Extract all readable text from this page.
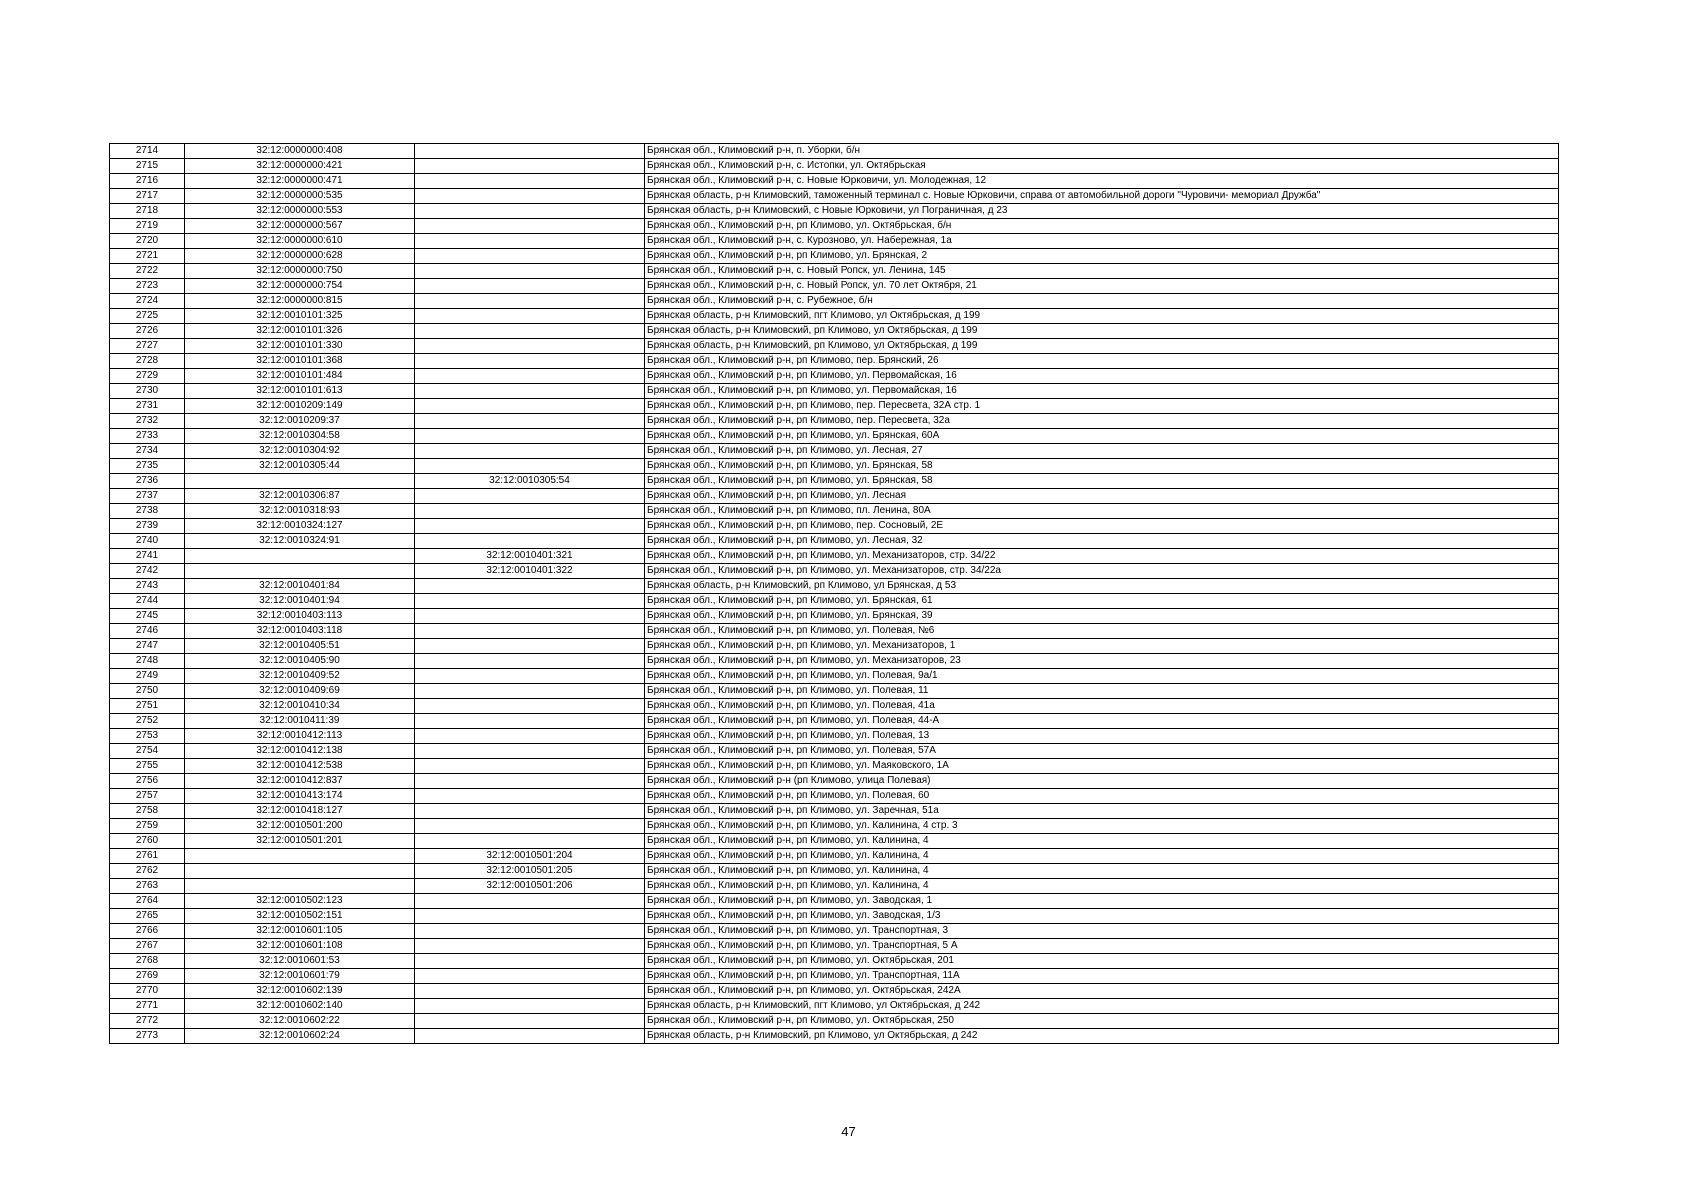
2714	32:12:0000000:408		Брянская обл., Климовский р-н, п. Уборки, б/н
2715	32:12:0000000:421		Брянская обл., Климовский р-н, с. Истопки, ул. Октябрьская
2716	32:12:0000000:471		Брянская обл., Климовский р-н, с. Новые Юрковичи, ул. Молодежная, 12
2717	32:12:0000000:535		Брянская область, р-н Климовский, таможенный терминал с. Новые Юрковичи, справа от автомобильной дороги "Чуровичи- мемориал Дружба"
2718	32:12:0000000:553		Брянская область, р-н Климовский, с Новые Юрковичи, ул Пограничная, д 23
2719	32:12:0000000:567		Брянская обл., Климовский р-н, рп Климово, ул. Октябрьская, б/н
2720	32:12:0000000:610		Брянская обл., Климовский р-н, с. Курозново, ул. Набережная, 1а
2721	32:12:0000000:628		Брянская обл., Климовский р-н, рп Климово, ул. Брянская, 2
2722	32:12:0000000:750		Брянская обл., Климовский р-н, с. Новый Ропск, ул. Ленина, 145
2723	32:12:0000000:754		Брянская обл., Климовский р-н, с. Новый Ропск, ул. 70 лет Октября, 21
2724	32:12:0000000:815		Брянская обл., Климовский р-н, с. Рубежное, б/н
2725	32:12:0010101:325		Брянская область, р-н Климовский, пгт Климово, ул Октябрьская, д 199
2726	32:12:0010101:326		Брянская область, р-н Климовский, рп Климово, ул Октябрьская, д 199
2727	32:12:0010101:330		Брянская область, р-н Климовский, рп Климово, ул Октябрьская, д 199
2728	32:12:0010101:368		Брянская обл., Климовский р-н, рп Климово, пер. Брянский, 26
2729	32:12:0010101:484		Брянская обл., Климовский р-н, рп Климово, ул. Первомайская, 16
2730	32:12:0010101:613		Брянская обл., Климовский р-н, рп Климово, ул. Первомайская, 16
2731	32:12:0010209:149		Брянская обл., Климовский р-н, рп Климово, пер. Пересвета, 32А стр. 1
2732	32:12:0010209:37		Брянская обл., Климовский р-н, рп Климово, пер. Пересвета, 32а
2733	32:12:0010304:58		Брянская обл., Климовский р-н, рп Климово, ул. Брянская, 60А
2734	32:12:0010304:92		Брянская обл., Климовский р-н, рп Климово, ул. Лесная, 27
2735	32:12:0010305:44		Брянская обл., Климовский р-н, рп Климово, ул. Брянская, 58
2736		32:12:0010305:54	Брянская обл., Климовский р-н, рп Климово, ул. Брянская, 58
2737	32:12:0010306:87		Брянская обл., Климовский р-н, рп Климово, ул. Лесная
2738	32:12:0010318:93		Брянская обл., Климовский р-н, рп Климово, пл. Ленина, 80А
2739	32:12:0010324:127		Брянская обл., Климовский р-н, рп Климово, пер. Сосновый, 2Е
2740	32:12:0010324:91		Брянская обл., Климовский р-н, рп Климово, ул. Лесная, 32
2741		32:12:0010401:321	Брянская обл., Климовский р-н, рп Климово, ул. Механизаторов, стр. 34/22
2742		32:12:0010401:322	Брянская обл., Климовский р-н, рп Климово, ул. Механизаторов, стр. 34/22а
2743	32:12:0010401:84		Брянская область, р-н Климовский, рп Климово, ул Брянская, д 53
2744	32:12:0010401:94		Брянская обл., Климовский р-н, рп Климово, ул. Брянская, 61
2745	32:12:0010403:113		Брянская обл., Климовский р-н, рп Климово, ул. Брянская, 39
2746	32:12:0010403:118		Брянская обл., Климовский р-н, рп Климово, ул. Полевая, №6
2747	32:12:0010405:51		Брянская обл., Климовский р-н, рп Климово, ул. Механизаторов, 1
2748	32:12:0010405:90		Брянская обл., Климовский р-н, рп Климово, ул. Механизаторов, 23
2749	32:12:0010409:52		Брянская обл., Климовский р-н, рп Климово, ул. Полевая, 9а/1
2750	32:12:0010409:69		Брянская обл., Климовский р-н, рп Климово, ул. Полевая, 11
2751	32:12:0010410:34		Брянская обл., Климовский р-н, рп Климово, ул. Полевая, 41а
2752	32:12:0010411:39		Брянская обл., Климовский р-н, рп Климово, ул. Полевая, 44-А
2753	32:12:0010412:113		Брянская обл., Климовский р-н, рп Климово, ул. Полевая, 13
2754	32:12:0010412:138		Брянская обл., Климовский р-н, рп Климово, ул. Полевая, 57А
2755	32:12:0010412:538		Брянская обл., Климовский р-н, рп Климово, ул. Маяковского, 1А
2756	32:12:0010412:837		Брянская обл., Климовский р-н (рп Климово, улица Полевая)
2757	32:12:0010413:174		Брянская обл., Климовский р-н, рп Климово, ул. Полевая, 60
2758	32:12:0010418:127		Брянская обл., Климовский р-н, рп Климово, ул. Заречная, 51а
2759	32:12:0010501:200		Брянская обл., Климовский р-н, рп Климово, ул. Калинина, 4 стр. 3
2760	32:12:0010501:201		Брянская обл., Климовский р-н, рп Климово, ул. Калинина, 4
2761		32:12:0010501:204	Брянская обл., Климовский р-н, рп Климово, ул. Калинина, 4
2762		32:12:0010501:205	Брянская обл., Климовский р-н, рп Климово, ул. Калинина, 4
2763		32:12:0010501:206	Брянская обл., Климовский р-н, рп Климово, ул. Калинина, 4
2764	32:12:0010502:123		Брянская обл., Климовский р-н, рп Климово, ул. Заводская, 1
2765	32:12:0010502:151		Брянская обл., Климовский р-н, рп Климово, ул. Заводская, 1/3
2766	32:12:0010601:105		Брянская обл., Климовский р-н, рп Климово, ул. Транспортная, 3
2767	32:12:0010601:108		Брянская обл., Климовский р-н, рп Климово, ул. Транспортная, 5 А
2768	32:12:0010601:53		Брянская обл., Климовский р-н, рп Климово, ул. Октябрьская, 201
2769	32:12:0010601:79		Брянская обл., Климовский р-н, рп Климово, ул. Транспортная, 11А
2770	32:12:0010602:139		Брянская обл., Климовский р-н, рп Климово, ул. Октябрьская, 242А
2771	32:12:0010602:140		Брянская область, р-н Климовский, пгт Климово, ул Октябрьская, д 242
2772	32:12:0010602:22		Брянская обл., Климовский р-н, рп Климово, ул. Октябрьская, 250
2773	32:12:0010602:24		Брянская область, р-н Климовский, рп Климово, ул Октябрьская, д 242
47
